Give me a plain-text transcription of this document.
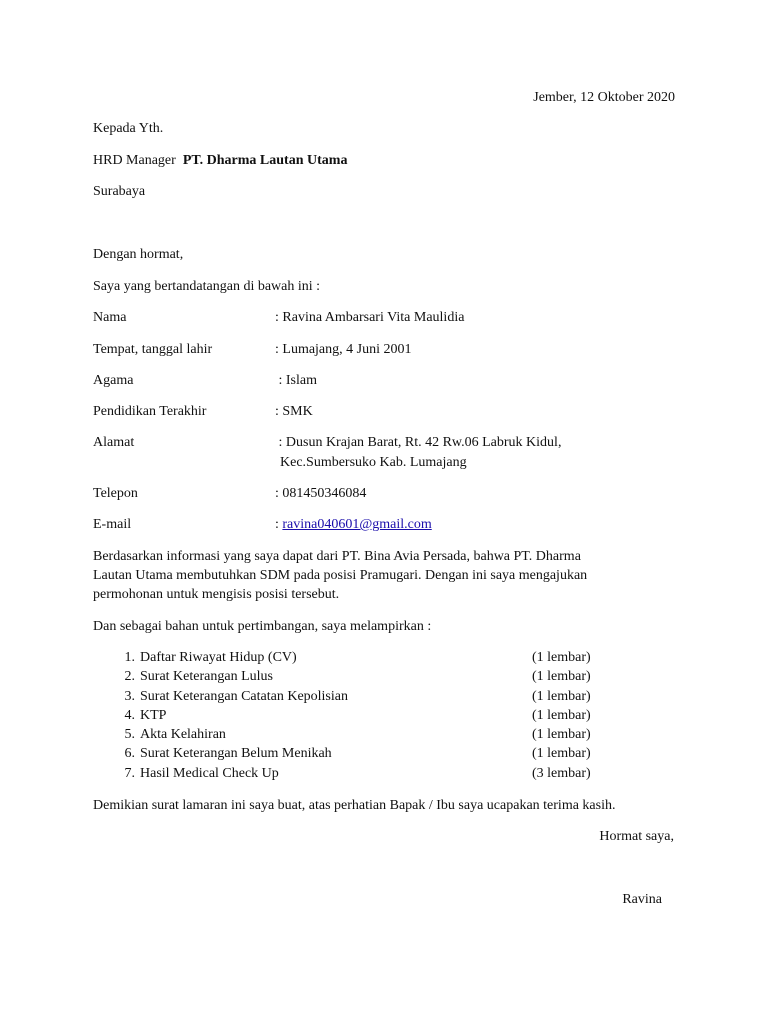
Jember, 12 Oktober 2020
Kepada Yth.
HRD Manager PT. Dharma Lautan Utama
Surabaya
Dengan hormat,
Saya yang bertandatangan di bawah ini :
Nama	: Ravina Ambarsari Vita Maulidia
Tempat, tanggal lahir	: Lumajang, 4 Juni 2001
Agama	: Islam
Pendidikan Terakhir	: SMK
Alamat	: Dusun Krajan Barat, Rt. 42 Rw.06 Labruk Kidul,
Kec.Sumbersuko Kab. Lumajang
Telepon	: 081450346084
E-mail	: ravina040601@gmail.com
Berdasarkan informasi yang saya dapat dari PT. Bina Avia Persada, bahwa PT. Dharma
Lautan Utama membutuhkan SDM pada posisi Pramugari. Dengan ini saya mengajukan
permohonan untuk mengisis posisi tersebut.
Dan sebagai bahan untuk pertimbangan, saya melampirkan :
1. Daftar Riwayat Hidup (CV)	(1 lembar)
2. Surat Keterangan Lulus	(1 lembar)
3. Surat Keterangan Catatan Kepolisian	(1 lembar)
4. KTP	(1 lembar)
5. Akta Kelahiran	(1 lembar)
6. Surat Keterangan Belum Menikah	(1 lembar)
7. Hasil Medical Check Up	(3 lembar)
Demikian surat lamaran ini saya buat, atas perhatian Bapak / Ibu saya ucapakan terima kasih.
Hormat saya,
Ravina
